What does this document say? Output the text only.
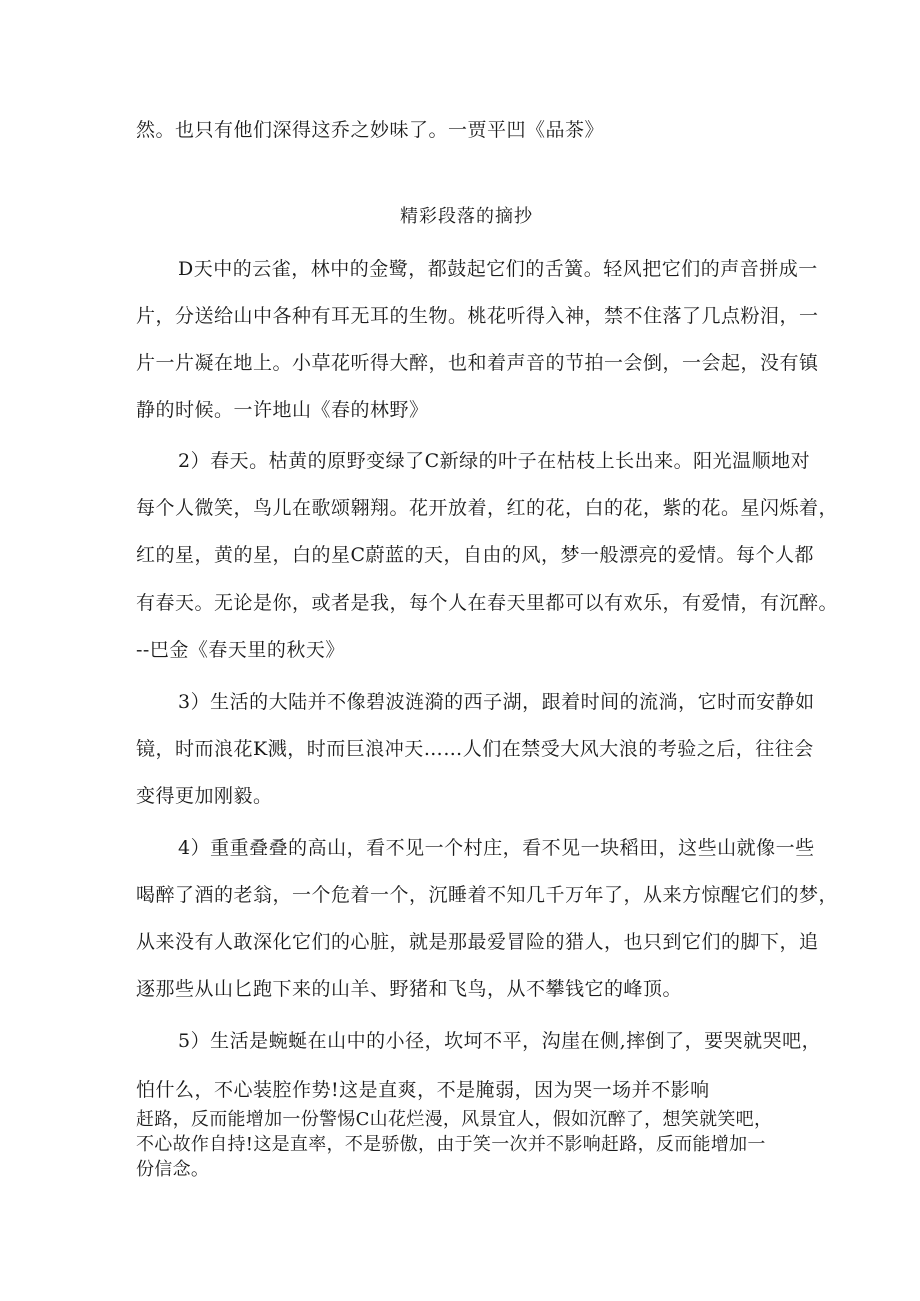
然。也只有他们深得这乔之妙味了。一贾平凹《品茶》

精彩段落的摘抄

D天中的云雀，林中的金鹭，都鼓起它们的舌簧。轻风把它们的声音拼成一

片，分送给山中各种有耳无耳的生物。桃花听得入神，禁不住落了几点粉泪，一

片一片凝在地上。小草花听得大醉，也和着声音的节拍一会倒，一会起，没有镇

静的时候。一许地山《春的林野》

2）春天。枯黄的原野变绿了C新绿的叶子在枯枝上长出来。阳光温顺地对

每个人微笑，鸟儿在歌颂翱翔。花开放着，红的花，白的花，紫的花。星闪烁着，

红的星，黄的星，白的星C蔚蓝的天，自由的风，梦一般漂亮的爱情。每个人都

有春天。无论是你，或者是我，每个人在春天里都可以有欢乐，有爱情，有沉醉。

--巴金《春天里的秋天》

3）生活的大陆并不像碧波涟漪的西子湖，跟着时间的流淌，它时而安静如

镜，时而浪花K溅，时而巨浪冲天……人们在禁受大风大浪的考验之后，往往会

变得更加刚毅。

4）重重叠叠的高山，看不见一个村庄，看不见一块稻田，这些山就像一些

喝醉了酒的老翁，一个危着一个，沉睡着不知几千万年了，从来方惊醒它们的梦，

从来没有人敢深化它们的心脏，就是那最爱冒险的猎人，也只到它们的脚下，追

逐那些从山匕跑下来的山羊、野猪和飞鸟，从不攀钱它的峰顶。

5）生活是蜿蜒在山中的小径，坎坷不平，沟崖在侧,摔倒了，要哭就哭吧，

怕什么，不心装腔作势!这是直爽，不是腌弱，因为哭一场并不影响

赶路，反而能增加一份警惕C山花烂漫，风景宜人，假如沉醉了，想笑就笑吧，

不心故作自持!这是直率，不是骄傲，由于笑一次并不影响赶路，反而能增加一

份信念。
